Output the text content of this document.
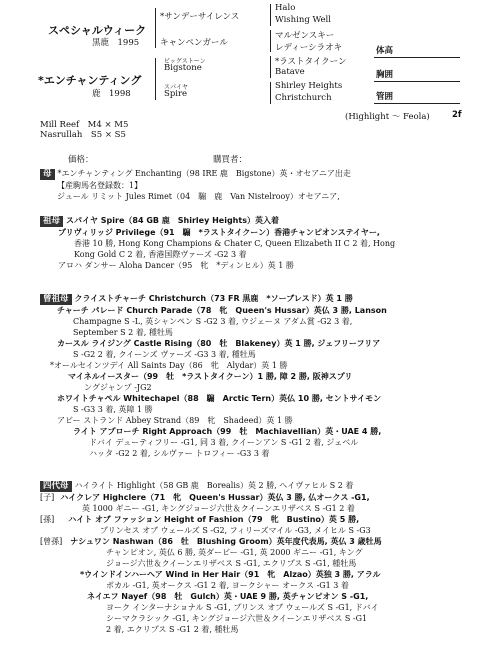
スペシャルウィーク
黒鹿　1995
*エンチャンティング
鹿　1998
*サンデーサイレンス
キャンペンガール
ビッグストーン
Bigstone
スパイヤ
Spire
Halo
Wishing Well
マルゼンスキー
レディーシラオキ
*ラストタイクーン
Batave
Shirley Heights
Christchurch
体高
胸囲
管囲
(Highlight 〜 Feola)	2f
Mill Reef　M4 × M5
Nasrullah　S5 × S5
価格：	購買者：

母 *エンチャンティング Enchanting（98 IRE 鹿　Bigstone）英・オセアニア出走

【産駒馬名登録数：1】

ジュール リミット Jules Rimet（04　騸　鹿　Van Nistelrooy）オセアニア,

祖母 スパイヤ Spire（84 GB 鹿　Shirley Heights）英入着

プリヴィリッジ Privilege（91　騸　*ラストタイクーン）香港チャンピオンステイヤー,

香港 10 勝, Hong Kong Champions & Chater C, Queen Elizabeth II C 2 着, Hong

Kong Gold C 2 着, 香港国際ヴァーズ -G2 3 着

アロハ ダンサー Aloha Dancer（95　牝　*ディンヒル）英 1 勝

曾祖母 クライストチャーチ Christchurch（73 FR 黒鹿　*ソーブレスド）英 1 勝

チャーチ パレード Church Parade（78　牝　Queen's Hussar）英仏 3 勝, Lanson

Champagne S -L, 英シャンペン S -G2 3 着, ウジェーヌ アダム賞 -G2 3 着,

September S 2 着, 種牡馬

カースル ライジング Castle Rising（80　牡　Blakeney）英 1 勝, ジェフリーフリア

S -G2 2 着, クイーンズ ヴァーズ -G3 3 着, 種牡馬

*オールセインツデイ All Saints Day（86　牝　Alydar）英 1 勝

マイネルイースター（99　牡　*ラストタイクーン）1 勝, 障 2 勝, 阪神スプリ

ングジャンプ -JG2

ホワイトチャペル Whitechapel（88　騸　Arctic Tern）英仏 10 勝, セントサイモン

S -G3 3 着, 英障 1 勝

アビー ストランド Abbey Strand（89　牝　Shadeed）英 1 勝

ライト アプローチ Right Approach（99　牡　Machiavellian）英・UAE 4 勝,

ドバイ デューティフリー -G1, 同 3 着, クイーンアン S -G1 2 着, ジェベル

ハッタ -G2 2 着, シルヴァー トロフィー -G3 3 着

四代母 ハイライト Highlight（58 GB 鹿　Borealis）英 2 勝, ヘイヴァヒル S 2 着

[子] ハイクレア Highclere（71　牝　Queen's Hussar）英仏 3 勝, 仏オークス -G1,

英 1000 ギニー -G1, キングジョージ六世＆クイーンエリザベス S -G1 2 着

[孫] ハイト オブ ファッション Height of Fashion（79　牝　Bustino）英 5 勝,

プリンセス オブ ウェールズ S -G2, フィリーズマイル -G3, メイヒル S -G3

[曾孫] ナシュワン Nashwan（86　牡　Blushing Groom）英年度代表馬, 英仏 3 歳牡馬

チャンピオン, 英仏 6 勝, 英ダービー -G1, 英 2000 ギニー -G1, キング

ジョージ六世＆クイーンエリザベス S -G1, エクリプス S -G1, 種牡馬

*ウインドインハーヘア Wind in Her Hair（91　牝　Alzao）英独 3 勝, アラル

ポカル -G1, 英オークス -G1 2 着, ヨークシャー オークス -G1 3 着

ネイエフ Nayef（98　牡　Gulch）英・UAE 9 勝, 英チャンピオン S -G1,

ヨーク インターナショナル S -G1, プリンス オブ ウェールズ S -G1, ドバイ

シーマクラシック -G1, キングジョージ六世＆クイーンエリザベス S -G1

2 着, エクリプス S -G1 2 着, 種牡馬
